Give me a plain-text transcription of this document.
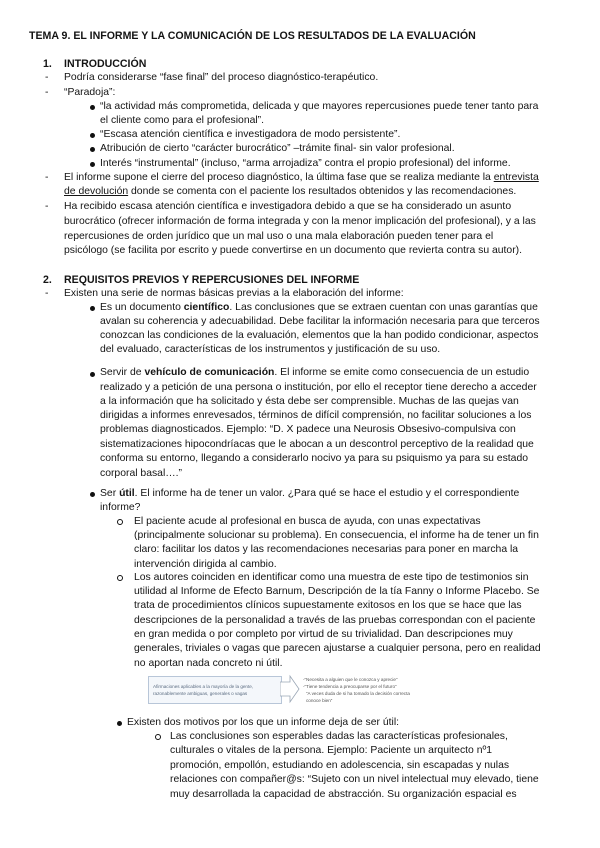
TEMA 9. EL INFORME Y LA COMUNICACIÓN DE LOS RESULTADOS DE LA EVALUACIÓN
1. INTRODUCCIÓN
- Podría considerarse “fase final” del proceso diagnóstico-terapéutico.
- “Paradoja”:
“la actividad más comprometida, delicada y que mayores repercusiones puede tener tanto para
el cliente como para el profesional”.
“Escasa atención científica e investigadora de modo persistente”.
Atribución de cierto “carácter burocrático” –trámite final- sin valor profesional.
Interés “instrumental” (incluso, “arma arrojadiza” contra el propio profesional) del informe.
- El informe supone el cierre del proceso diagnóstico, la última fase que se realiza mediante la entrevista
de devolución donde se comenta con el paciente los resultados obtenidos y las recomendaciones.
- Ha recibido escasa atención científica e investigadora debido a que se ha considerado un asunto
burocrático (ofrecer información de forma integrada y con la menor implicación del profesional), y a las
repercusiones de orden jurídico que un mal uso o una mala elaboración pueden tener para el
psicólogo (se facilita por escrito y puede convertirse en un documento que revierta contra su autor).
2. REQUISITOS PREVIOS Y REPERCUSIONES DEL INFORME
- Existen una serie de normas básicas previas a la elaboración del informe:
Es un documento científico. Las conclusiones que se extraen cuentan con unas garantías que
avalan su coherencia y adecuabilidad. Debe facilitar la información necesaria para que terceros
conozcan las condiciones de la evaluación, elementos que la han podido condicionar, aspectos
del evaluado, características de los instrumentos y justificación de su uso.
Servir de vehículo de comunicación. El informe se emite como consecuencia de un estudio
realizado y a petición de una persona o institución, por ello el receptor tiene derecho a acceder
a la información que ha solicitado y ésta debe ser comprensible. Muchas de las quejas van
dirigidas a informes enrevesados, términos de difícil comprensión, no facilitar soluciones a los
problemas diagnosticados. Ejemplo: “D. X padece una Neurosis Obsesivo-compulsiva con
sistematizaciones hipocondríacas que le abocan a un descontrol perceptivo de la realidad que
conforma su entorno, llegando a considerarlo nocivo ya para su psiquismo ya para su estado
corporal basal….”
Ser útil. El informe ha de tener un valor. ¿Para qué se hace el estudio y el correspondiente
informe?
El paciente acude al profesional en busca de ayuda, con unas expectativas
(principalmente solucionar su problema). En consecuencia, el informe ha de tener un fin
claro: facilitar los datos y las recomendaciones necesarias para poner en marcha la
intervención dirigida al cambio.
Los autores coinciden en identificar como una muestra de este tipo de testimonios sin
utilidad al Informe de Efecto Barnum, Descripción de la tía Fanny o Informe Placebo. Se
trata de procedimientos clínicos supuestamente exitosos en los que se hace que las
descripciones de la personalidad a través de las pruebas correspondan con el paciente
en gran medida o por completo por virtud de su trivialidad. Dan descripciones muy
generales, triviales o vagas que parecen ajustarse a cualquier persona, pero en realidad
no aportan nada concreto ni útil.
Afirmaciones aplicables a la mayoría de la gente,
razonablemente ambiguas, generales o vagas
-“Necesita a alguien que le conozca y aprecie”
-“Tiene tendencia a preocuparse por el futuro”
“A veces duda de si ha tomado la decisión correcta
conoce bien”
Existen dos motivos por los que un informe deja de ser útil:
Las conclusiones son esperables dadas las características profesionales,
culturales o vitales de la persona. Ejemplo: Paciente un arquitecto nº1
promoción, empollón, estudiando en adolescencia, sin escapadas y nulas
relaciones con compañer@s: “Sujeto con un nivel intelectual muy elevado, tiene
muy desarrollada la capacidad de abstracción. Su organización espacial es
